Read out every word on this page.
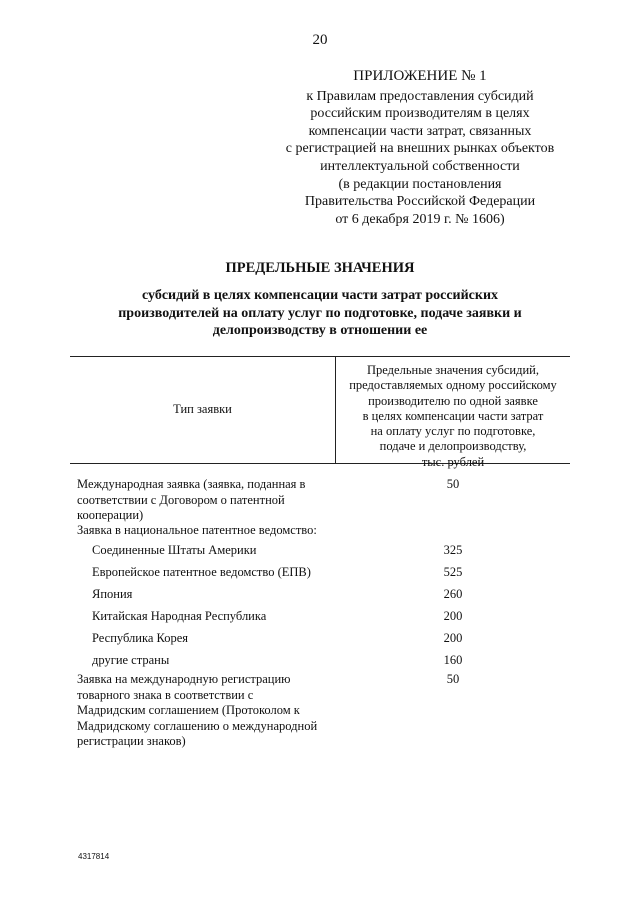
20
ПРИЛОЖЕНИЕ № 1
к Правилам предоставления субсидий
российским производителям в целях
компенсации части затрат, связанных
с регистрацией на внешних рынках объектов
интеллектуальной собственности
(в редакции постановления
Правительства Российской Федерации
от 6 декабря 2019 г. № 1606)
ПРЕДЕЛЬНЫЕ ЗНАЧЕНИЯ
субсидий в целях компенсации части затрат российских
производителей на оплату услуг по подготовке, подаче заявки и
делопроизводству в отношении ее
Тип заявки
Предельные значения субсидий,
предоставляемых одному российскому
производителю по одной заявке
в целях компенсации части затрат
на оплату услуг по подготовке,
подаче и делопроизводству,
тыс. рублей
Международная заявка (заявка, поданная в
соответствии с Договором о патентной
кооперации)
50
Заявка в национальное патентное ведомство:
Соединенные Штаты Америки	325
Европейское патентное ведомство (ЕПВ)	525
Япония	260
Китайская Народная Республика	200
Республика Корея	200
другие страны	160
Заявка на международную регистрацию
товарного знака в соответствии с
Мадридским соглашением (Протоколом к
Мадридскому соглашению о международной
регистрации знаков)
50
4317814
